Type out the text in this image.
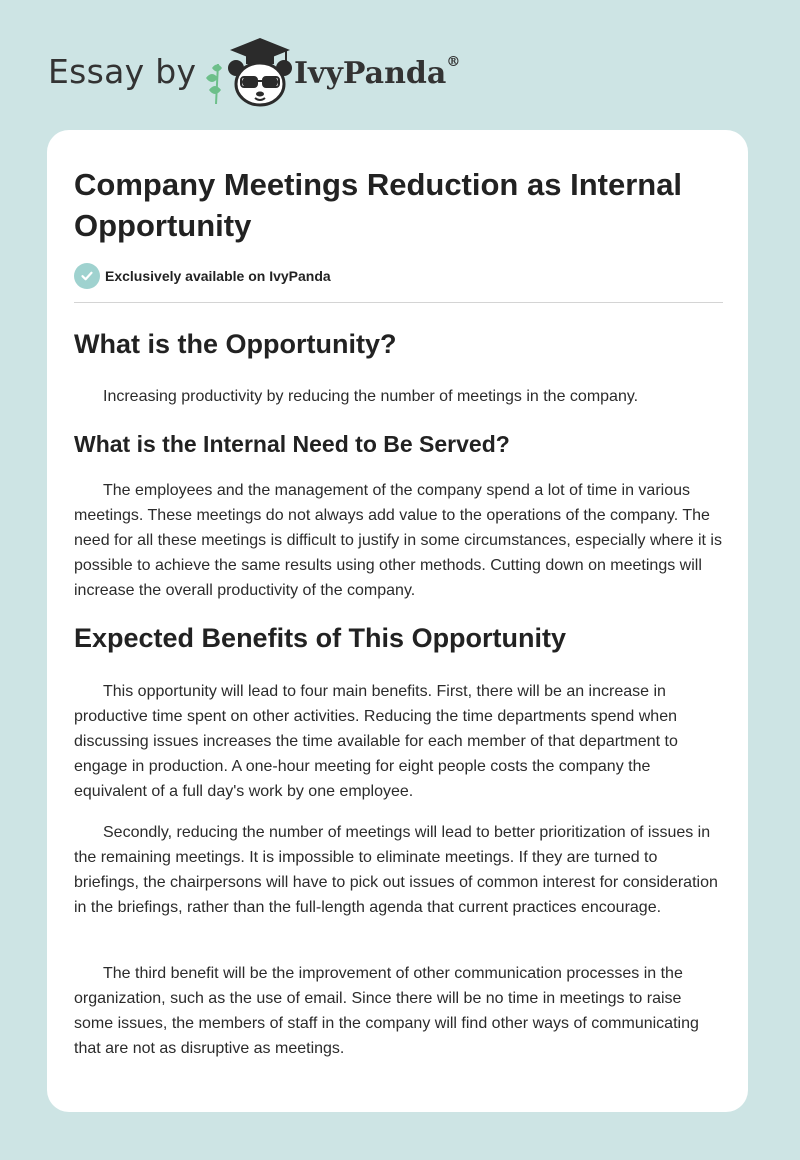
Essay by	IvyPanda®
Company Meetings Reduction as Internal Opportunity
Exclusively available on IvyPanda
What is the Opportunity?

Increasing productivity by reducing the number of meetings in the company.

What is the Internal Need to Be Served?

The employees and the management of the company spend a lot of time in various meetings. These meetings do not always add value to the operations of the company. The need for all these meetings is difficult to justify in some circumstances, especially where it is possible to achieve the same results using other methods. Cutting down on meetings will increase the overall productivity of the company.

Expected Benefits of This Opportunity

This opportunity will lead to four main benefits. First, there will be an increase in productive time spent on other activities. Reducing the time departments spend when discussing issues increases the time available for each member of that department to engage in production. A one-hour meeting for eight people costs the company the equivalent of a full day's work by one employee.

Secondly, reducing the number of meetings will lead to better prioritization of issues in the remaining meetings. It is impossible to eliminate meetings. If they are turned to briefings, the chairpersons will have to pick out issues of common interest for consideration in the briefings, rather than the full-length agenda that current practices encourage.

The third benefit will be the improvement of other communication processes in the organization, such as the use of email. Since there will be no time in meetings to raise some issues, the members of staff in the company will find other ways of communicating that are not as disruptive as meetings.
